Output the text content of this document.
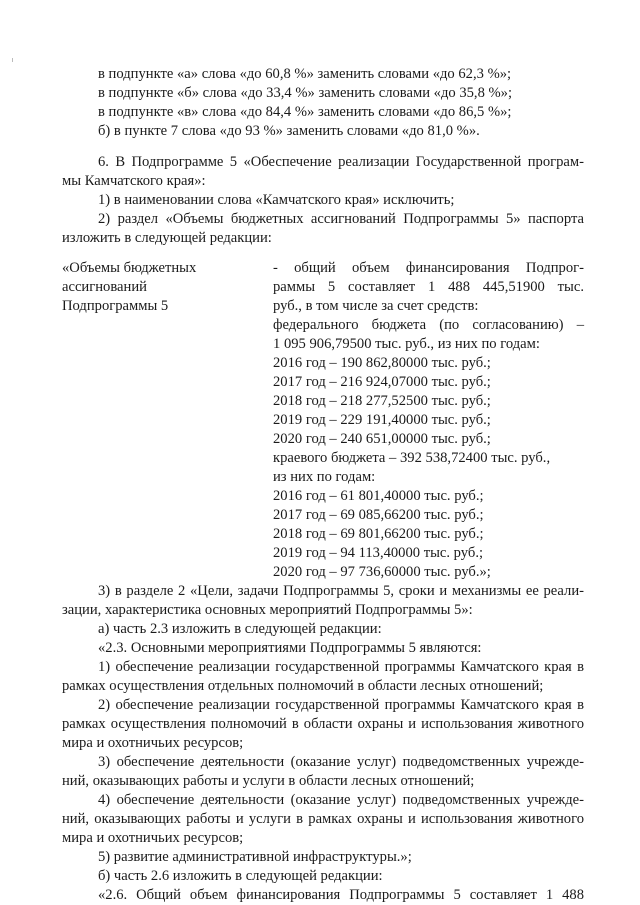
в подпункте «а» слова «до 60,8 %» заменить словами «до 62,3 %»;
в подпункте «б» слова «до 33,4 %» заменить словами «до 35,8 %»;
в подпункте «в» слова «до 84,4 %» заменить словами «до 86,5 %»;
б) в пункте 7 слова «до 93 %» заменить словами «до 81,0 %».
6. В Подпрограмме 5 «Обеспечение реализации Государственной програм-
мы Камчатского края»:
1) в наименовании слова «Камчатского края» исключить;
2) раздел «Объемы бюджетных ассигнований Подпрограммы 5» паспорта
изложить в следующей редакции:
«Объемы бюджетных
ассигнований
Подпрограммы 5
- общий объем финансирования Подпрог-
раммы 5 составляет 1 488 445,51900 тыс.
руб., в том числе за счет средств:
федерального бюджета (по согласованию) –
1 095 906,79500 тыс. руб., из них по годам:
2016 год – 190 862,80000 тыс. руб.;
2017 год – 216 924,07000 тыс. руб.;
2018 год – 218 277,52500 тыс. руб.;
2019 год – 229 191,40000 тыс. руб.;
2020 год – 240 651,00000 тыс. руб.;
краевого бюджета – 392 538,72400 тыс. руб.,
из них по годам:
2016 год – 61 801,40000 тыс. руб.;
2017 год – 69 085,66200 тыс. руб.;
2018 год – 69 801,66200 тыс. руб.;
2019 год – 94 113,40000 тыс. руб.;
2020 год – 97 736,60000 тыс. руб.»;
3) в разделе 2 «Цели, задачи Подпрограммы 5, сроки и механизмы ее реали-
зации, характеристика основных мероприятий Подпрограммы 5»:
а) часть 2.3 изложить в следующей редакции:
«2.3. Основными мероприятиями Подпрограммы 5 являются:
1) обеспечение реализации государственной программы Камчатского края в
рамках осуществления отдельных полномочий в области лесных отношений;
2) обеспечение реализации государственной программы Камчатского края в
рамках осуществления полномочий в области охраны и использования животного
мира и охотничьих ресурсов;
3) обеспечение деятельности (оказание услуг) подведомственных учрежде-
ний, оказывающих работы и услуги в области лесных отношений;
4) обеспечение деятельности (оказание услуг) подведомственных учрежде-
ний, оказывающих работы и услуги в рамках охраны и использования животного
мира и охотничьих ресурсов;
5) развитие административной инфраструктуры.»;
б) часть 2.6 изложить в следующей редакции:
«2.6. Общий объем финансирования Подпрограммы 5 составляет 1 488
